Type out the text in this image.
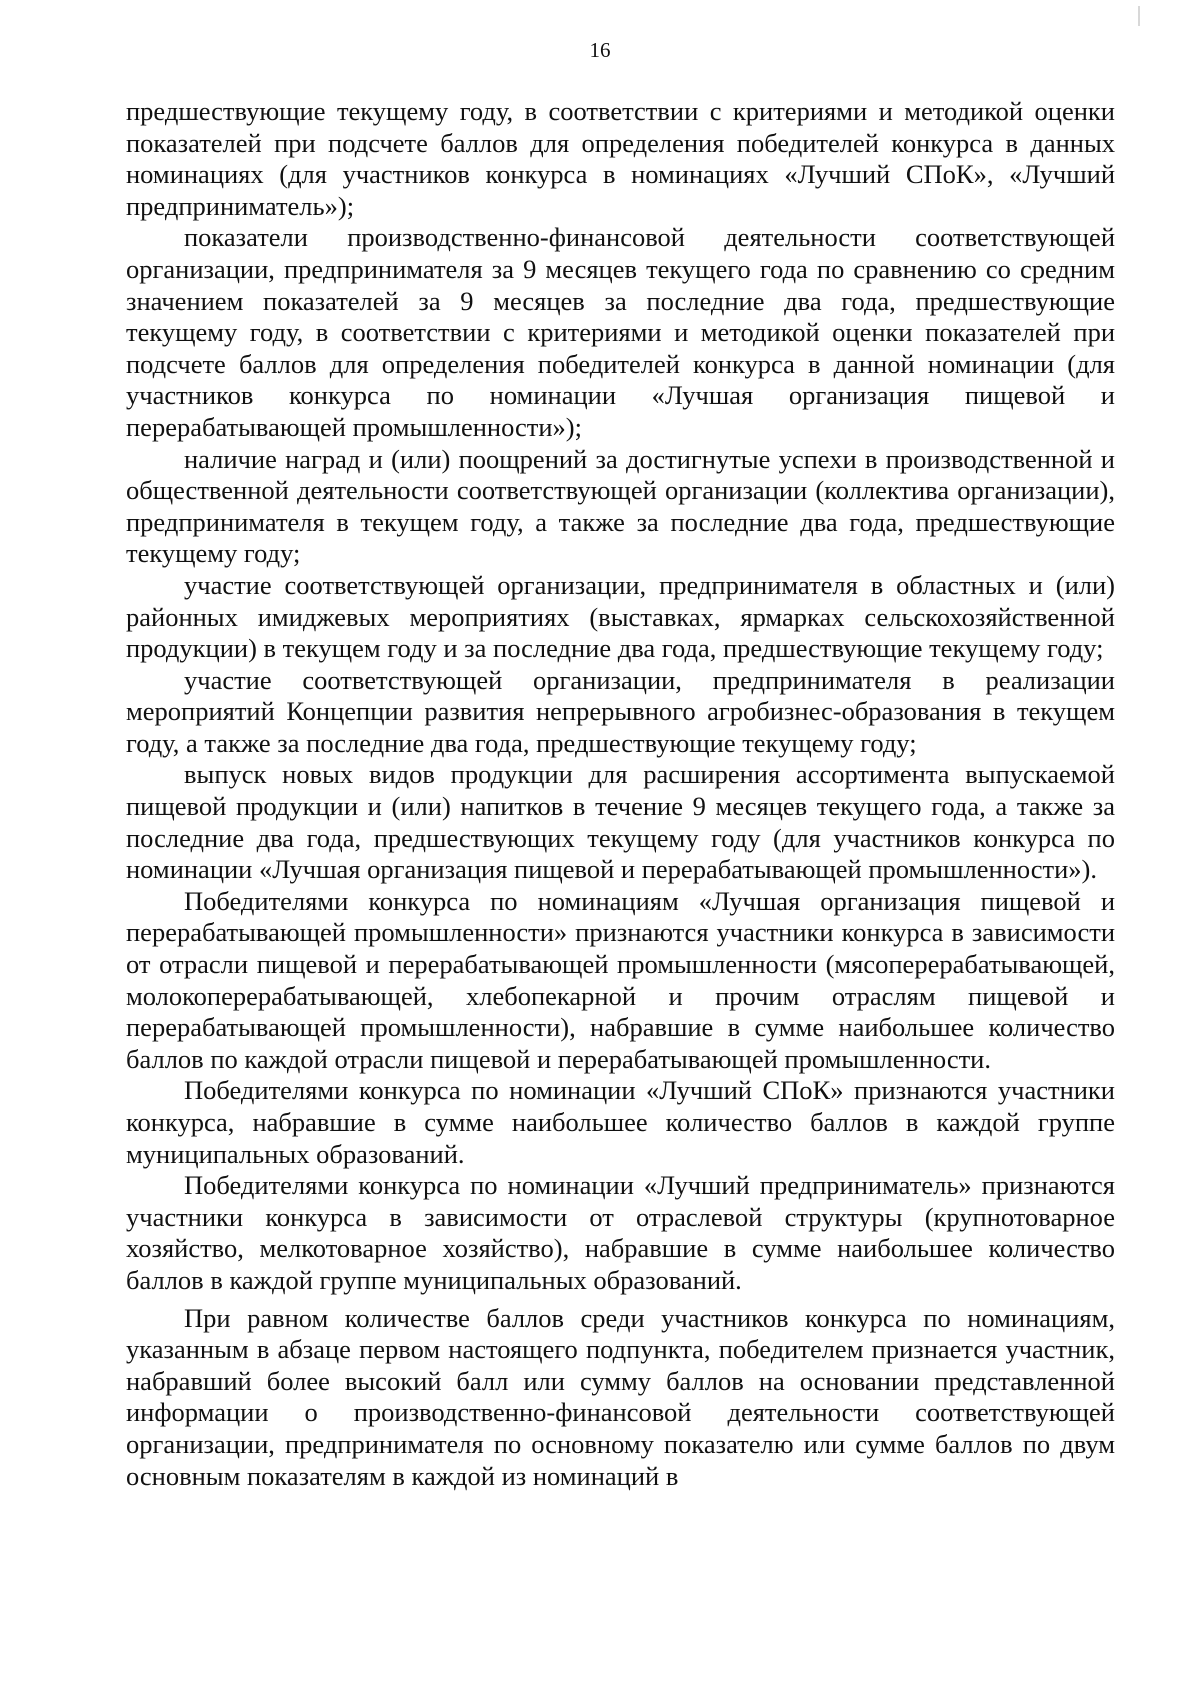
16

предшествующие текущему году, в соответствии с критериями и методикой оценки показателей при подсчете баллов для определения победителей конкурса в данных номинациях (для участников конкурса в номинациях «Лучший СПоК», «Лучший предприниматель»);

показатели производственно-финансовой деятельности соответствующей организации, предпринимателя за 9 месяцев текущего года по сравнению со средним значением показателей за 9 месяцев за последние два года, предшествующие текущему году, в соответствии с критериями и методикой оценки показателей при подсчете баллов для определения победителей конкурса в данной номинации (для участников конкурса по номинации «Лучшая организация пищевой и перерабатывающей промышленности»);

наличие наград и (или) поощрений за достигнутые успехи в производственной и общественной деятельности соответствующей организации (коллектива организации), предпринимателя в текущем году, а также за последние два года, предшествующие текущему году;

участие соответствующей организации, предпринимателя в областных и (или) районных имиджевых мероприятиях (выставках, ярмарках сельскохозяйственной продукции) в текущем году и за последние два года, предшествующие текущему году;

участие соответствующей организации, предпринимателя в реализации мероприятий Концепции развития непрерывного агробизнес-образования в текущем году, а также за последние два года, предшествующие текущему году;

выпуск новых видов продукции для расширения ассортимента выпускаемой пищевой продукции и (или) напитков в течение 9 месяцев текущего года, а также за последние два года, предшествующих текущему году (для участников конкурса по номинации «Лучшая организация пищевой и перерабатывающей промышленности»).

Победителями конкурса по номинациям «Лучшая организация пищевой и перерабатывающей промышленности» признаются участники конкурса в зависимости от отрасли пищевой и перерабатывающей промышленности (мясоперерабатывающей, молокоперерабатывающей, хлебопекарной и прочим отраслям пищевой и перерабатывающей промышленности), набравшие в сумме наибольшее количество баллов по каждой отрасли пищевой и перерабатывающей промышленности.

Победителями конкурса по номинации «Лучший СПоК» признаются участники конкурса, набравшие в сумме наибольшее количество баллов в каждой группе муниципальных образований.

Победителями конкурса по номинации «Лучший предприниматель» признаются участники конкурса в зависимости от отраслевой структуры (крупнотоварное хозяйство, мелкотоварное хозяйство), набравшие в сумме наибольшее количество баллов в каждой группе муниципальных образований.

При равном количестве баллов среди участников конкурса по номинациям, указанным в абзаце первом настоящего подпункта, победителем признается участник, набравший более высокий балл или сумму баллов на основании представленной информации о производственно-финансовой деятельности соответствующей организации, предпринимателя по основному показателю или сумме баллов по двум основным показателям в каждой из номинаций в
